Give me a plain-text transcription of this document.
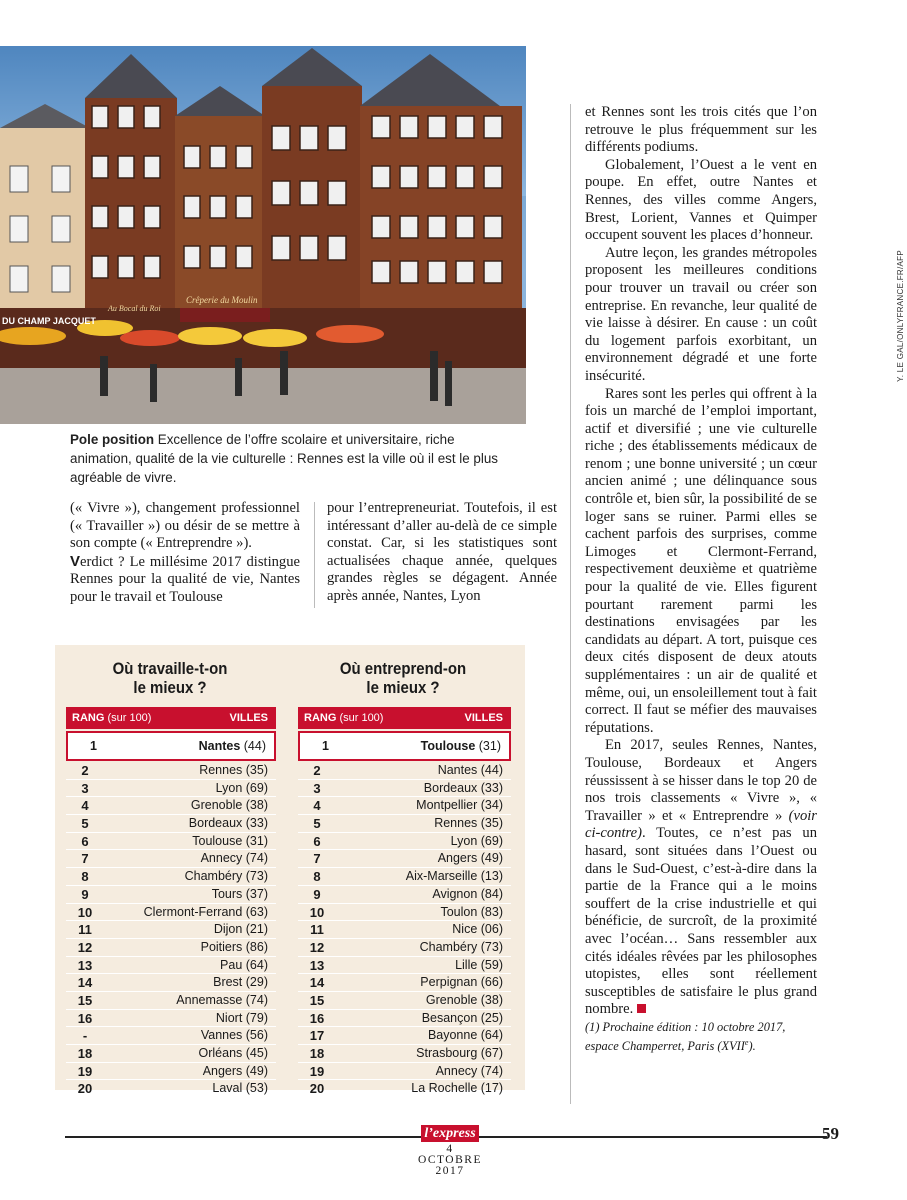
DU CHAMP JACQUET
Crêperie du Moulin
Au Bocal du Roi	Y. LE GAL/ONLYFRANCE.FR/AFP
Pole position Excellence de l’offre scolaire et universitaire, riche animation, qualité de la vie culturelle : Rennes est la ville où il est le plus agréable de vivre.

(« Vivre »), changement professionnel (« Travailler ») ou désir de se mettre à son compte (« Entreprendre »).

Verdict ? Le millésime 2017 distingue Rennes pour la qualité de vie, Nantes pour le travail et Toulouse

pour l’entrepreneuriat. Toutefois, il est intéressant d’aller au-delà de ce simple constat. Car, si les statistiques sont actualisées chaque année, quelques grandes règles se dégagent. Année après année, Nantes, Lyon

et Rennes sont les trois cités que l’on retrouve le plus fréquemment sur les différents podiums.

Globalement, l’Ouest a le vent en poupe. En effet, outre Nantes et Rennes, des villes comme Angers, Brest, Lorient, Vannes et Quimper occupent souvent les places d’honneur.

Autre leçon, les grandes métropoles proposent les meilleures conditions pour trouver un travail ou créer son entreprise. En revanche, leur qualité de vie laisse à désirer. En cause : un coût du logement parfois exorbitant, un environnement dégradé et une forte insécurité.

Rares sont les perles qui offrent à la fois un marché de l’emploi important, actif et diversifié ; une vie culturelle riche ; des établissements médicaux de renom ; une bonne université ; un cœur ancien animé ; une délinquance sous contrôle et, bien sûr, la possibilité de se loger sans se ruiner. Parmi elles se cachent parfois des surprises, comme Limoges et Clermont-Ferrand, respectivement deuxième et quatrième pour la qualité de vie. Elles figurent pourtant rarement parmi les destinations envisagées par les candidats au départ. A tort, puisque ces deux cités disposent de deux atouts supplémentaires : un air de qualité et même, oui, un ensoleillement tout à fait correct. Il faut se méfier des mauvaises réputations.

En 2017, seules Rennes, Nantes, Toulouse, Bordeaux et Angers réussissent à se hisser dans le top 20 de nos trois classements « Vivre », « Travailler » et « Entreprendre » (voir ci-contre). Toutes, ce n’est pas un hasard, sont situées dans l’Ouest ou dans le Sud-Ouest, c’est-à-dire dans la partie de la France qui a le moins souffert de la crise industrielle et qui bénéficie, de surcroît, de la proximité avec l’océan… Sans ressembler aux cités idéales rêvées par les philosophes utopistes, elles sont réellement susceptibles de satisfaire le plus grand nombre.

(1) Prochaine édition : 10 octobre 2017,
espace Champerret, Paris (XVIIe).

Où travaille-t-on
le mieux ?
RANG (sur 100)	VILLES
1	Nantes (44)
2	Rennes (35)
3	Lyon (69)
4	Grenoble (38)
5	Bordeaux (33)
6	Toulouse (31)
7	Annecy (74)
8	Chambéry (73)
9	Tours (37)
10	Clermont-Ferrand (63)
11	Dijon (21)
12	Poitiers (86)
13	Pau (64)
14	Brest (29)
15	Annemasse (74)
16	Niort (79)
-	Vannes (56)
18	Orléans (45)
19	Angers (49)
20	Laval (53)
Où entreprend-on
le mieux ?
RANG (sur 100)	VILLES
1	Toulouse (31)
2	Nantes (44)
3	Bordeaux (33)
4	Montpellier (34)
5	Rennes (35)
6	Lyon (69)
7	Angers (49)
8	Aix-Marseille (13)
9	Avignon (84)
10	Toulon (83)
11	Nice (06)
12	Chambéry (73)
13	Lille (59)
14	Perpignan (66)
15	Grenoble (38)
16	Besançon (25)
17	Bayonne (64)
18	Strasbourg (67)
19	Annecy (74)
20	La Rochelle (17)
l’express
4
OCTOBRE
2017
59
